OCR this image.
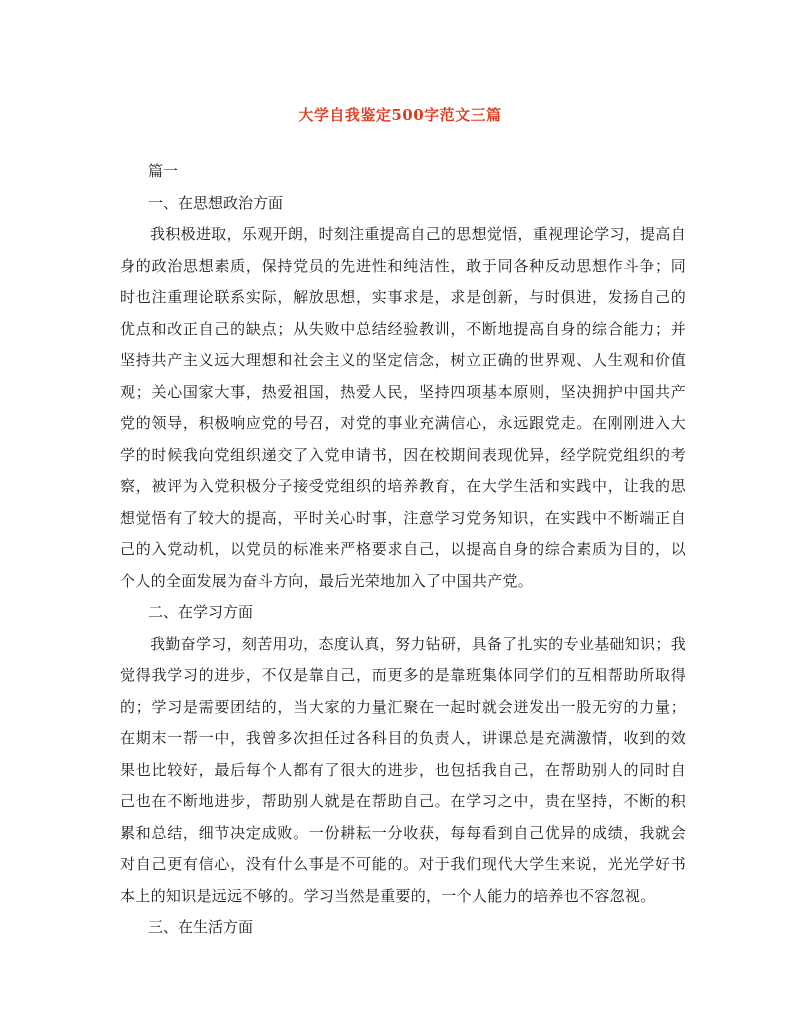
大学自我鉴定500字范文三篇

篇一

一、在思想政治方面

我积极进取，乐观开朗，时刻注重提高自己的思想觉悟，重视理论学习，提高自身的政治思想素质，保持党员的先进性和纯洁性，敢于同各种反动思想作斗争；同时也注重理论联系实际，解放思想，实事求是，求是创新，与时俱进，发扬自己的优点和改正自己的缺点；从失败中总结经验教训，不断地提高自身的综合能力；并坚持共产主义远大理想和社会主义的坚定信念，树立正确的世界观、人生观和价值观；关心国家大事，热爱祖国，热爱人民，坚持四项基本原则，坚决拥护中国共产党的领导，积极响应党的号召，对党的事业充满信心，永远跟党走。在刚刚进入大学的时候我向党组织递交了入党申请书，因在校期间表现优异，经学院党组织的考察，被评为入党积极分子接受党组织的培养教育，在大学生活和实践中，让我的思想觉悟有了较大的提高，平时关心时事，注意学习党务知识，在实践中不断端正自己的入党动机，以党员的标准来严格要求自己，以提高自身的综合素质为目的，以个人的全面发展为奋斗方向，最后光荣地加入了中国共产党。

二、在学习方面

我勤奋学习，刻苦用功，态度认真，努力钻研，具备了扎实的专业基础知识；我觉得我学习的进步，不仅是靠自己，而更多的是靠班集体同学们的互相帮助所取得的；学习是需要团结的，当大家的力量汇聚在一起时就会迸发出一股无穷的力量；在期末一帮一中，我曾多次担任过各科目的负责人，讲课总是充满激情，收到的效果也比较好，最后每个人都有了很大的进步，也包括我自己，在帮助别人的同时自己也在不断地进步，帮助别人就是在帮助自己。在学习之中，贵在坚持，不断的积累和总结，细节决定成败。一份耕耘一分收获，每每看到自己优异的成绩，我就会对自己更有信心，没有什么事是不可能的。对于我们现代大学生来说，光光学好书本上的知识是远远不够的。学习当然是重要的，一个人能力的培养也不容忽视。

三、在生活方面
